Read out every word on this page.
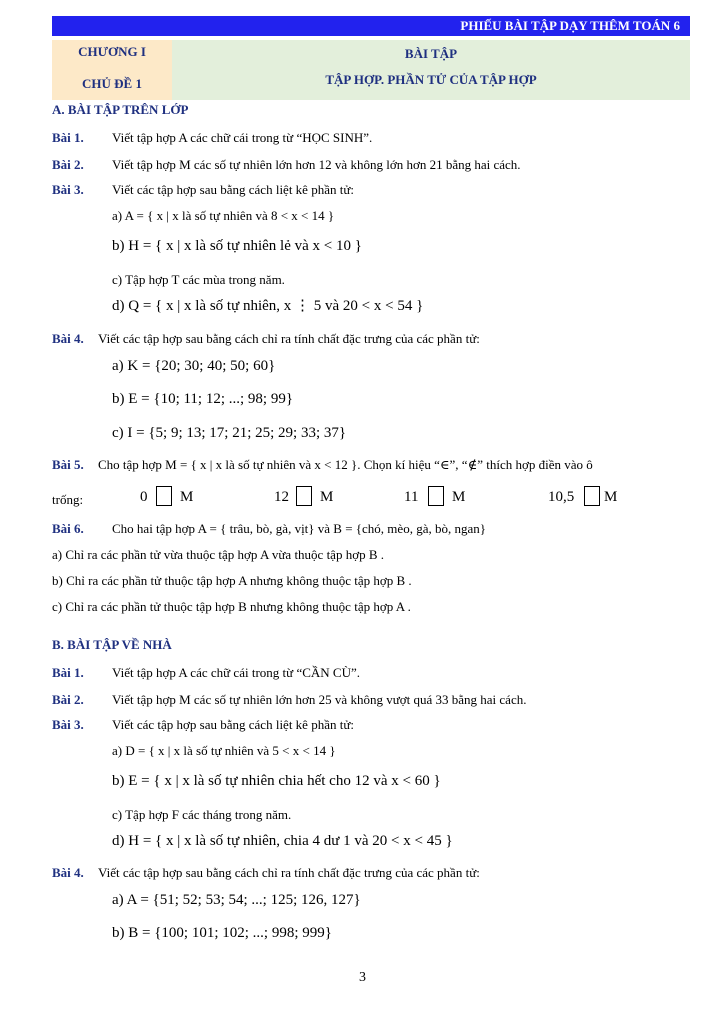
PHIẾU BÀI TẬP DẠY THÊM TOÁN 6
CHƯƠNG I
CHỦ ĐỀ 1
BÀI TẬP
TẬP HỢP. PHẦN TỬ CỦA TẬP HỢP
A. BÀI TẬP TRÊN LỚP
Bài 1. Viết tập hợp A các chữ cái trong từ “HỌC SINH”.
Bài 2. Viết tập hợp M các số tự nhiên lớn hơn 12 và không lớn hơn 21 bằng hai cách.
Bài 3. Viết các tập hợp sau bằng cách liệt kê phần tử:
a) A = { x | x là số tự nhiên và 8 < x < 14 }
b) H = { x | x là số tự nhiên lẻ và x < 10 }
c) Tập hợp T các mùa trong năm.
d) Q = { x | x là số tự nhiên, x ⋮ 5 và 20 < x < 54 }
Bài 4. Viết các tập hợp sau bằng cách chỉ ra tính chất đặc trưng của các phần tử:
a) K = {20; 30; 40; 50; 60}
b) E = {10; 11; 12; ...; 98; 99}
c) I = {5; 9; 13; 17; 21; 25; 29; 33; 37}
Bài 5. Cho tập hợp M = { x | x là số tự nhiên và x < 12 }. Chọn kí hiệu “∈”, “∉” thích hợp điền vào ô
trống:	0 M	12 M	11 M	10,5 M
Bài 6. Cho hai tập hợp A = { trâu, bò, gà, vịt} và B = {chó, mèo, gà, bò, ngan}
a) Chỉ ra các phần tử vừa thuộc tập hợp A vừa thuộc tập hợp B .
b) Chỉ ra các phần tử thuộc tập hợp A nhưng không thuộc tập hợp B .
c) Chỉ ra các phần tử thuộc tập hợp B nhưng không thuộc tập hợp A .
B. BÀI TẬP VỀ NHÀ
Bài 1. Viết tập hợp A các chữ cái trong từ “CẦN CÙ”.
Bài 2. Viết tập hợp M các số tự nhiên lớn hơn 25 và không vượt quá 33 bằng hai cách.
Bài 3. Viết các tập hợp sau bằng cách liệt kê phần tử:
a) D = { x | x là số tự nhiên và 5 < x < 14 }
b) E = { x | x là số tự nhiên chia hết cho 12 và x < 60 }
c) Tập hợp F các tháng trong năm.
d) H = { x | x là số tự nhiên, chia 4 dư 1 và 20 < x < 45 }
Bài 4. Viết các tập hợp sau bằng cách chỉ ra tính chất đặc trưng của các phần tử:
a) A = {51; 52; 53; 54; ...; 125; 126, 127}
b) B = {100; 101; 102; ...; 998; 999}
3
